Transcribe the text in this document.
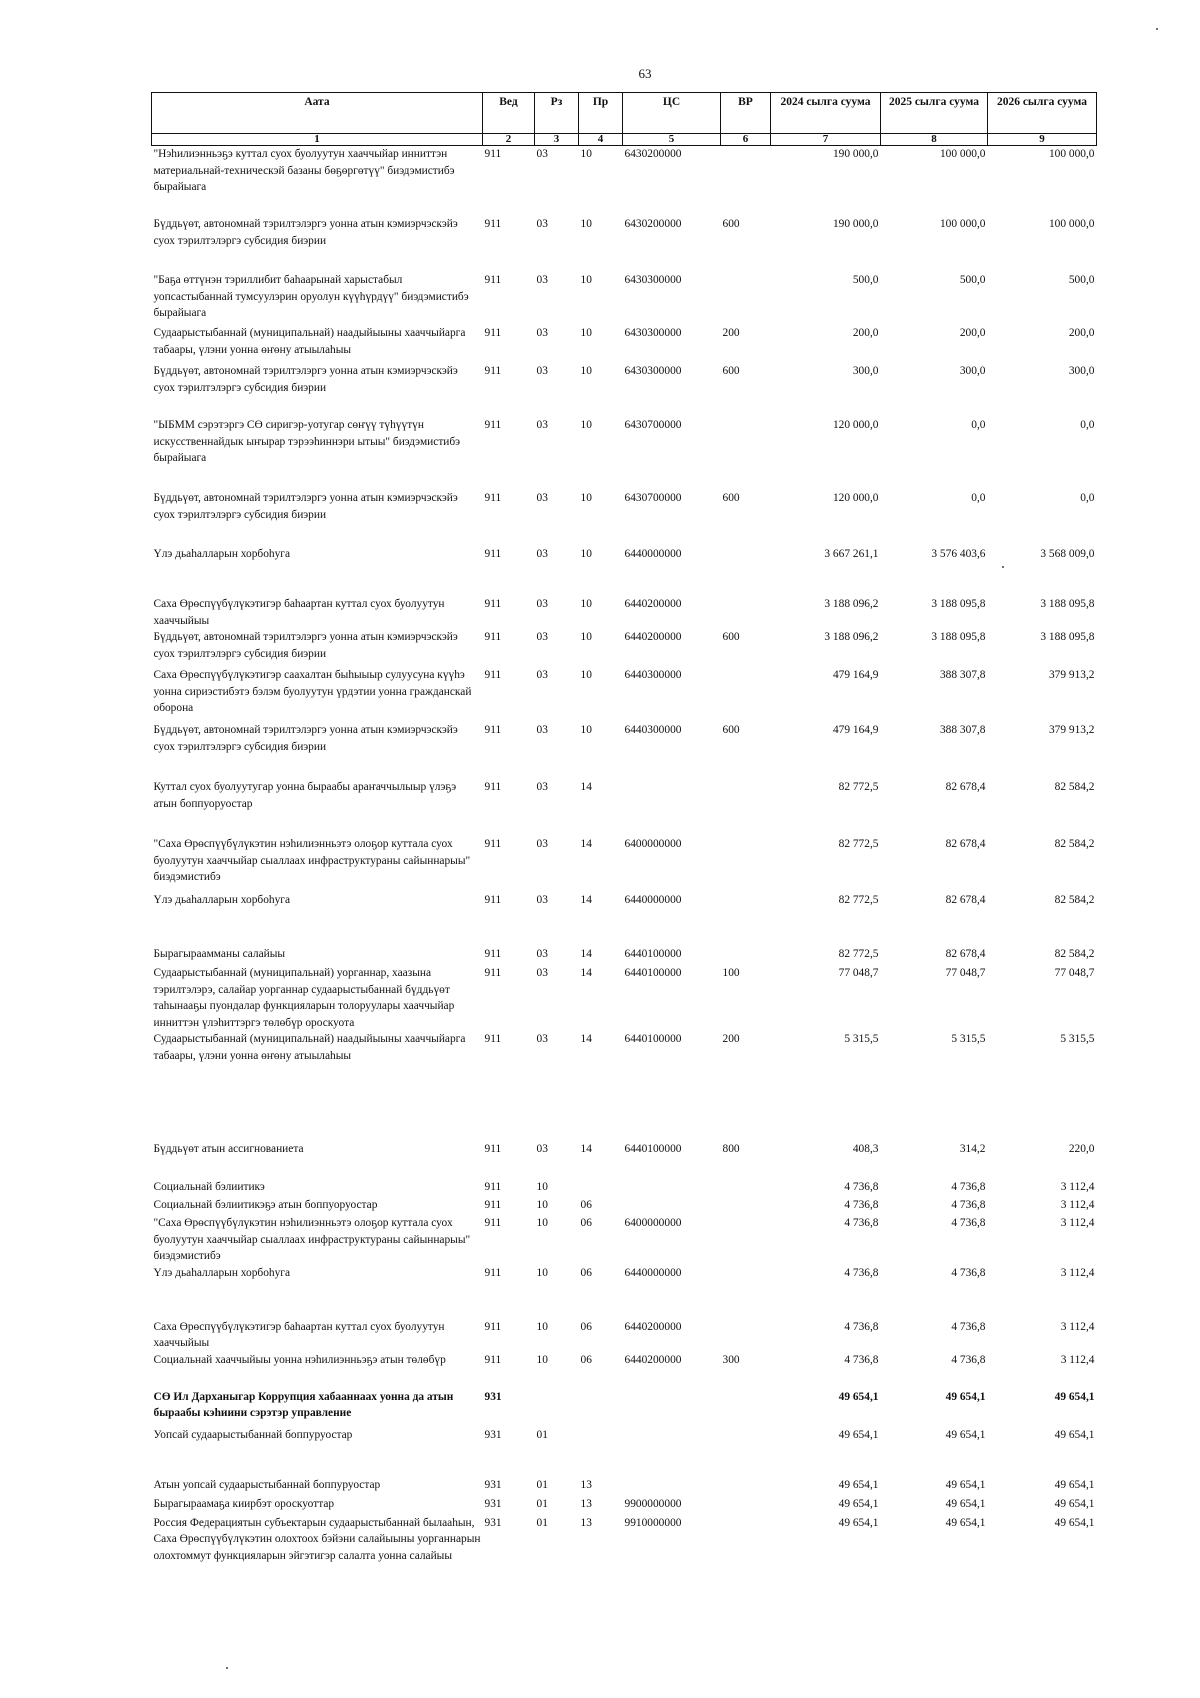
63
Аата	Вед	Рз	Пр	ЦС	ВР	2024 сылга суума	2025 сылга суума	2026 сылга суума
1	2	3	4	5	6	7	8	9
"Нэһилиэнньэҕэ куттал суох буолуутун хааччыйар инниттэн материальнай-техническэй базаны бөҕөргөтүү" биэдэмистибэ бырайыага	911	03	10	6430200000		190 000,0	100 000,0	100 000,0
Бүддьүөт, автономнай тэрилтэлэргэ уонна атын кэмиэрчэскэйэ суох тэрилтэлэргэ субсидия биэрии	911	03	10	6430200000	600	190 000,0	100 000,0	100 000,0
"Баҕа өттүнэн тэриллибит баһаарынай харыстабыл уопсастыбаннай тумсуулэрин оруолун күүһүрдүү" биэдэмистибэ бырайыага	911	03	10	6430300000		500,0	500,0	500,0
Судаарыстыбаннай (муниципальнай) наадыйыыны хааччыйарга табаары, үлэни уонна өҥөну атыылаһыы	911	03	10	6430300000	200	200,0	200,0	200,0
Бүддьүөт, автономнай тэрилтэлэргэ уонна атын кэмиэрчэскэйэ суох тэрилтэлэргэ субсидия биэрии	911	03	10	6430300000	600	300,0	300,0	300,0
"ЫБММ сэрэтэргэ СӨ сиригэр-уотугар сөҥүү түһүүтүн искусственнайдык ыҥырар тэрээһиннэри ытыы" биэдэмистибэ бырайыага	911	03	10	6430700000		120 000,0	0,0	0,0
Бүддьүөт, автономнай тэрилтэлэргэ уонна атын кэмиэрчэскэйэ суох тэрилтэлэргэ субсидия биэрии	911	03	10	6430700000	600	120 000,0	0,0	0,0
Үлэ дьаһалларын хорбоһуга	911	03	10	6440000000		3 667 261,1	3 576 403,6	3 568 009,0
Саха Өрөспүүбүлүкэтигэр баһаартан куттал суох буолуутун хааччыйыы	911	03	10	6440200000		3 188 096,2	3 188 095,8	3 188 095,8
Бүддьүөт, автономнай тэрилтэлэргэ уонна атын кэмиэрчэскэйэ суох тэрилтэлэргэ субсидия биэрии	911	03	10	6440200000	600	3 188 096,2	3 188 095,8	3 188 095,8
Саха Өрөспүүбүлүкэтигэр саахалтан быһыыыр сулуусуна күүһэ уонна сириэстибэтэ бэлэм буолуутун үрдэтии уонна гражданскай оборона	911	03	10	6440300000		479 164,9	388 307,8	379 913,2
Бүддьүөт, автономнай тэрилтэлэргэ уонна атын кэмиэрчэскэйэ суох тэрилтэлэргэ субсидия биэрии	911	03	10	6440300000	600	479 164,9	388 307,8	379 913,2
Куттал суох буолуутугар уонна быраабы араҥаччылыыр үлэҕэ атын боппуоруостар	911	03	14			82 772,5	82 678,4	82 584,2
"Саха Өрөспүүбүлүкэтин нэһилиэнньэтэ олоҕор куттала суох буолуутун хааччыйар сыаллаах инфраструктураны сайыннарыы" биэдэмистибэ	911	03	14	6400000000		82 772,5	82 678,4	82 584,2
Үлэ дьаһалларын хорбоһуга	911	03	14	6440000000		82 772,5	82 678,4	82 584,2
Бырагыраамманы салайыы	911	03	14	6440100000		82 772,5	82 678,4	82 584,2
Судаарыстыбаннай (муниципальнай) уорганнар, хаазына тэрилтэлэрэ, салайар уорганнар судаарыстыбаннай бүддьүөт таһынааҕы пуондалар функцияларын толоруулары хааччыйар инниттэн үлэһиттэргэ төлөбүр ороскуота	911	03	14	6440100000	100	77 048,7	77 048,7	77 048,7
Судаарыстыбаннай (муниципальнай) наадыйыыны хааччыйарга табаары, үлэни уонна өҥөну атыылаһыы	911	03	14	6440100000	200	5 315,5	5 315,5	5 315,5
Бүддьүөт атын ассигнованиета	911	03	14	6440100000	800	408,3	314,2	220,0
Социальнай бэлиитикэ	911	10				4 736,8	4 736,8	3 112,4
Социальнай бэлиитикэҕэ атын боппуоруостар	911	10	06			4 736,8	4 736,8	3 112,4
"Саха Өрөспүүбүлүкэтин нэһилиэнньэтэ олоҕор куттала суох буолуутун хааччыйар сыаллаах инфраструктураны сайыннарыы" биэдэмистибэ	911	10	06	6400000000		4 736,8	4 736,8	3 112,4
Үлэ дьаһалларын хорбоһуга	911	10	06	6440000000		4 736,8	4 736,8	3 112,4
Саха Өрөспүүбүлүкэтигэр баһаартан куттал суох буолуутун хааччыйыы	911	10	06	6440200000		4 736,8	4 736,8	3 112,4
Социальнай хааччыйыы уонна нэһилиэнньэҕэ атын төлөбүр	911	10	06	6440200000	300	4 736,8	4 736,8	3 112,4
СӨ Ил Дарханыгар Коррупция хабааннаах уонна да атын быраабы кэһиини сэрэтэр управление	931					49 654,1	49 654,1	49 654,1
Уопсай судаарыстыбаннай боппуруостар	931	01				49 654,1	49 654,1	49 654,1
Атын уопсай судаарыстыбаннай боппуруостар	931	01	13			49 654,1	49 654,1	49 654,1
Бырагыраамаҕа киирбэт ороскуоттар	931	01	13	9900000000		49 654,1	49 654,1	49 654,1
Россия Федерациятын субъектарын судаарыстыбаннай былааһын, Саха Өрөспүүбүлүкэтин олохтоох бэйэни салайыыны уорганнарын олохтоммут функцияларын эйгэтигэр салалта уонна салайыы	931	01	13	9910000000		49 654,1	49 654,1	49 654,1
